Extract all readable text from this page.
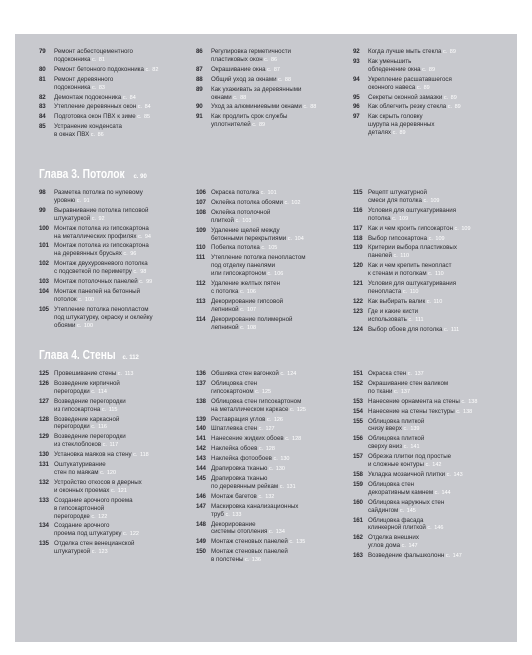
79	Ремонт асбестоцементного
подоконника с. 81
80	Ремонт бетонного подоконника с. 82
81	Ремонт деревянного
подоконника с. 83
82	Демонтаж подоконника с. 84
83	Утепление деревянных окон с. 84
84	Подготовка окон ПВХ к зиме с. 85
85	Устранение конденсата
в окнах ПВХ с. 86
86	Регулировка герметичности
пластиковых окон с. 86
87	Окрашивание окна с. 87
88	Общий уход за окнами с. 88
89	Как ухаживать за деревянными
окнами с. 88
90	Уход за алюминиевыми окнами с. 88
91	Как продлить срок службы
уплотнителей с. 89
92	Когда лучше мыть стекла с. 89
93	Как уменьшить
обледенение окна с. 89
94	Укрепление расшатавшегося
оконного навеса с. 89
95	Секреты оконной замазки с. 89
96	Как облегчить резку стекла с. 89
97	Как скрыть головку
шурупа на деревянных
деталях с. 89
Глава 3. Потолок с. 90
98	Разметка потолка по нулевому
уровню с. 91
99	Выравнивание потолка гипсовой
штукатуркой с. 92
100 Монтаж потолка из гипсокартона
на металлических профилях с. 94
101 Монтаж потолка из гипсокартона
на деревянных брусьях с. 96
102 Монтаж двухуровневого потолка
с подсветкой по периметру с. 98
103 Монтаж потолочных панелей с. 99
104 Монтаж панелей на бетонный
потолок с. 100
105 Утепление потолка пенопластом
под штукатурку, окраску и оклейку
обоями с. 100
106 Окраска потолка с. 101
107 Оклейка потолка обоями с. 102
108 Оклейка потолочной
плиткой с. 103
109 Удаление щелей между
бетонными перекрытиями с. 104
110 Побелка потолка с. 105
111 Утепление потолка пенопластом
под отделку панелями
или гипсокартоном с. 106
112 Удаление желтых пятен
с потолка с. 106
113 Декорирование гипсовой
лепниной с. 107
114 Декорирование полимерной
лепниной с. 108
115 Рецепт штукатурной
смеси для потолка с. 109
116 Условия для оштукатуривания
потолка с. 109
117 Как и чем кроить гипсокартон с. 109
118 Выбор гипсокартона с. 109
119 Критерии выбора пластиковых
панелей с. 110
120 Как и чем крепить пенопласт
к стенам и потолкам с. 110
121 Условия для оштукатуривания
пенопласта с. 110
122 Как выбирать валик с. 110
123 Где и какие кисти
использовать с. 111
124 Выбор обоев для потолка с. 111
Глава 4. Стены с. 112
125 Провешивание стены с. 113
126 Возведение кирпичной
перегородки с. 114
127 Возведение перегородки
из гипсокартона с. 115
128 Возведение каркасной
перегородки с. 116
129 Возведение перегородки
из стеклоблоков с. 117
130 Установка маяков на стену с. 118
131 Оштукатуривание
стен по маякам с. 120
132 Устройство откосов в дверных
и оконных проемах с. 121
133 Создание арочного проема
в гипсокартонной
перегородке с. 122
134 Создание арочного
проема под штукатурку с. 122
135 Отделка стен венецианской
штукатуркой с. 123
136 Обшивка стен вагонкой с. 124
137 Облицовка стен
гипсокартоном с. 125
138 Облицовка стен гипсокартоном
на металлическом каркасе с. 125
139 Реставрация углов с. 126
140 Шпатлевка стен с. 127
141 Нанесение жидких обоев с. 128
142 Наклейка обоев с. 128
143 Наклейка фотообоев с. 130
144 Драпировка тканью с. 130
145 Драпировка тканью
по деревянным рейкам с. 131
146 Монтаж багетов с. 132
147 Маскировка канализационных
труб с. 133
148 Декорирование
системы отопления с. 134
149 Монтаж стеновых панелей с. 135
150 Монтаж стеновых панелей
в полстены с. 136
151 Окраска стен с. 137
152 Окрашивание стен валиком
по ткани с. 137
153 Нанесение орнамента на стены с. 138
154 Нанесение на стены текстуры с. 138
155 Облицовка плиткой
снизу вверх с. 139
156 Облицовка плиткой
сверху вниз с. 141
157 Обрезка плитки под простые
и сложные контуры с. 142
158 Укладка мозаичной плитки с. 143
159 Облицовка стен
декоративным камнем с. 144
160 Облицовка наружных стен
сайдингом с. 145
161 Облицовка фасада
клинкерной плиткой с. 146
162 Отделка внешних
углов дома с. 147
163 Возведение фальшколонн с. 147
